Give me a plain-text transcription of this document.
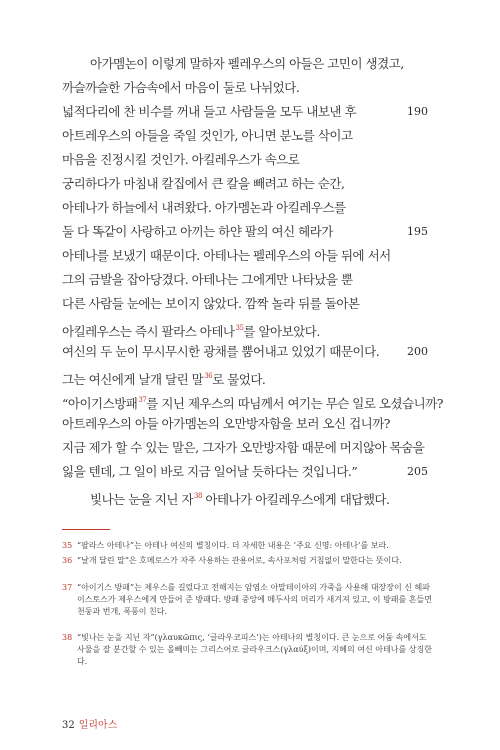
아가멤논이 이렇게 말하자 펠레우스의 아들은 고민이 생겼고,
까슬까슬한 가슴속에서 마음이 둘로 나뉘었다.
넓적다리에 찬 비수를 꺼내 들고 사람들을 모두 내보낸 후	190
아트레우스의 아들을 죽일 것인가, 아니면 분노를 삭이고
마음을 진정시킬 것인가. 아킬레우스가 속으로
궁리하다가 마침내 칼집에서 큰 칼을 빼려고 하는 순간,
아테나가 하늘에서 내려왔다. 아가멤논과 아킬레우스를
둘 다 똑같이 사랑하고 아끼는 하얀 팔의 여신 헤라가	195
아테나를 보냈기 때문이다. 아테나는 펠레우스의 아들 뒤에 서서
그의 금발을 잡아당겼다. 아테나는 그에게만 나타났을 뿐
다른 사람들 눈에는 보이지 않았다. 깜짝 놀라 뒤를 돌아본
아킬레우스는 즉시 팔라스 아테나$^{35}$를 알아보았다.
여신의 두 눈이 무시무시한 광채를 뿜어내고 있었기 때문이다.	200
그는 여신에게 날개 달린 말$^{36}$로 물었다.
“아이기스방패$^{37}$를 지닌 제우스의 따님께서 여기는 무슨 일로 오셨습니까?
아트레우스의 아들 아가멤논의 오만방자함을 보러 오신 겁니까?
지금 제가 할 수 있는 말은, 그자가 오만방자함 때문에 머지않아 목숨을
잃을 텐데, 그 일이 바로 지금 일어날 듯하다는 것입니다.”	205
빛나는 눈을 지닌 자$^{38}$ 아테나가 아킬레우스에게 대답했다.
35 “팔라스 아테나”는 아테나 여신의 별칭이다. 더 자세한 내용은 ‘주요 신명: 아테나’를 보라.
36 “날개 달린 말”은 호메로스가 자주 사용하는 관용어로, 속사포처럼 거침없이 말한다는 뜻이다.
37 “아이기스 방패”는 제우스를 길렀다고 전해지는 암염소 아말테이아의 가죽을 사용해 대장장이 신 헤파이스토스가 제우스에게 만들어 준 방패다. 방패 중앙에 메두사의 머리가 새겨져 있고, 이 방패를 흔들면 천둥과 번개, 폭풍이 친다.
38 “빛나는 눈을 지닌 자”(γλαυκῶπις, ‘글라우코피스’)는 아테나의 별칭이다. 큰 눈으로 어둠 속에서도 사물을 잘 분간할 수 있는 올빼미는 그리스어로 글라우크스(γλαύξ)이며, 지혜의 여신 아테나를 상징한다.
32 일리아스
